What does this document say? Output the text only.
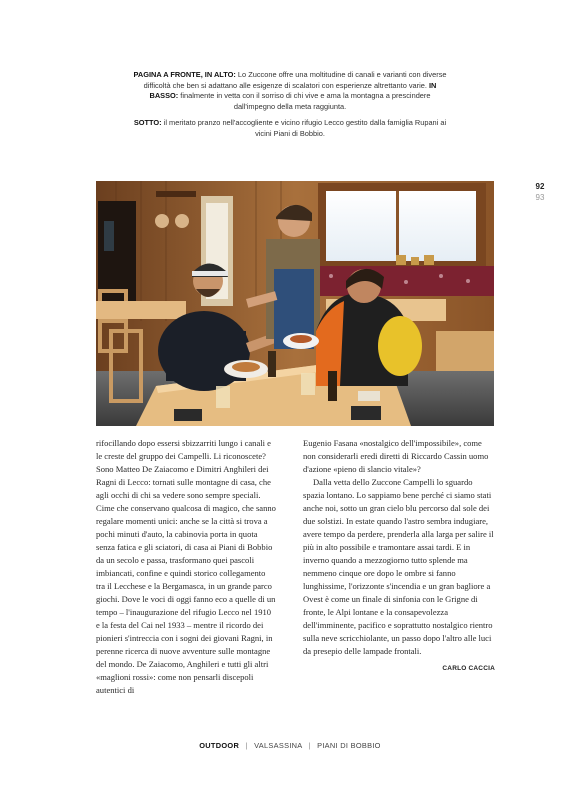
PAGINA A FRONTE, IN ALTO: Lo Zuccone offre una moltitudine di canali e varianti con diverse difficoltà che ben si adattano alle esigenze di scalatori con esperienze altrettanto varie. IN BASSO: finalmente in vetta con il sorriso di chi vive e ama la montagna a prescindere dall'impegno della meta raggiunta.

SOTTO: il meritato pranzo nell'accogliente e vicino rifugio Lecco gestito dalla famiglia Rupani ai vicini Piani di Bobbio.

92
93

rifocillando dopo essersi sbizzarriti lungo i canali e le creste del gruppo dei Campelli. Li riconoscete? Sono Matteo De Zaiacomo e Dimitri Anghileri dei Ragni di Lecco: tornati sulle montagne di casa, che agli occhi di chi sa vedere sono sempre speciali. Cime che conservano qualcosa di magico, che sanno regalare momenti unici: anche se la città si trova a pochi minuti d'auto, la cabinovia porta in quota senza fatica e gli sciatori, di casa ai Piani di Bobbio da un secolo e passa, trasformano quei pascoli imbiancati, confine e quindi storico collegamento tra il Lecchese e la Bergamasca, in un grande parco giochi. Dove le voci di oggi fanno eco a quelle di un tempo – l'inaugurazione del rifugio Lecco nel 1910 e la festa del Cai nel 1933 – mentre il ricordo dei pionieri s'intreccia con i sogni dei giovani Ragni, in perenne ricerca di nuove avventure sulle montagne del mondo. De Zaiacomo, Anghileri e tutti gli altri «maglioni rossi»: come non pensarli discepoli autentici di

Eugenio Fasana «nostalgico dell'impossibile», come non considerarli eredi diretti di Riccardo Cassin uomo d'azione «pieno di slancio vitale»?

Dalla vetta dello Zuccone Campelli lo sguardo spazia lontano. Lo sappiamo bene perché ci siamo stati anche noi, sotto un gran cielo blu percorso dal sole dei due solstizi. In estate quando l'astro sembra indugiare, avere tempo da perdere, prenderla alla larga per salire il più in alto possibile e tramontare assai tardi. E in inverno quando a mezzogiorno tutto splende ma nemmeno cinque ore dopo le ombre si fanno lunghissime, l'orizzonte s'incendia e un gran bagliore a Ovest è come un finale di sinfonia con le Grigne di fronte, le Alpi lontane e la consapevolezza dell'imminente, pacifico e soprattutto nostalgico rientro sulla neve scricchiolante, un passo dopo l'altro alle luci da presepio delle lampade frontali.

CARLO CACCIA
OUTDOOR | VALSASSINA | PIANI DI BOBBIO
